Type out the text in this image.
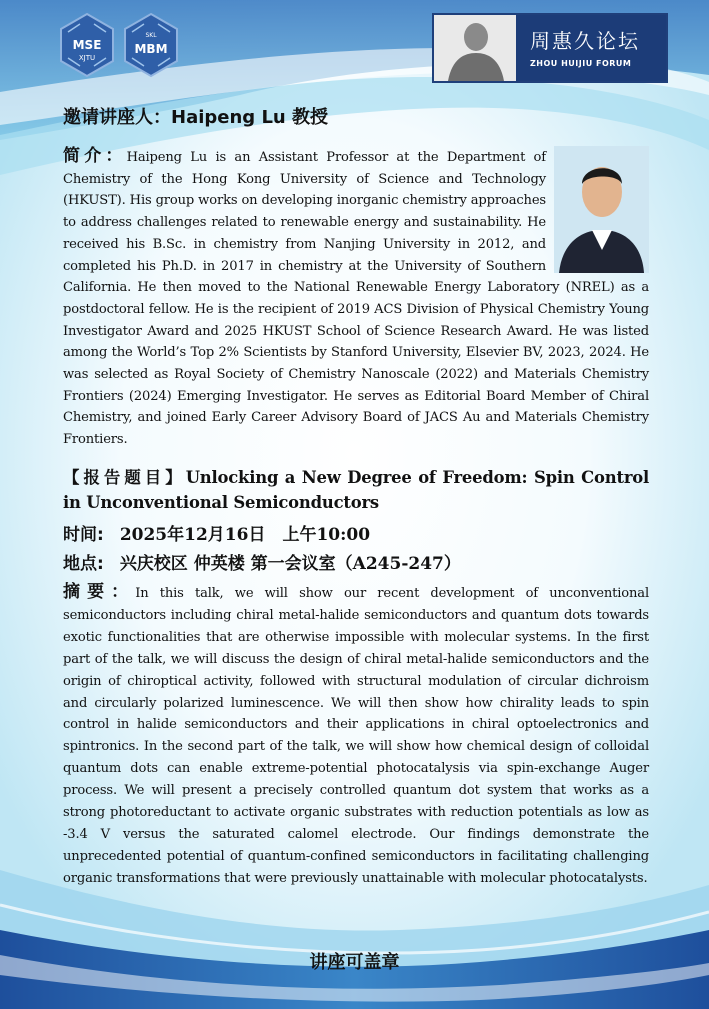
MSE
XJTU
SKL
MBM	周惠久论坛
ZHOU HUIJIU FORUM
邀请讲座人：Haipeng Lu 教授
简介：Haipeng Lu is an Assistant Professor at the Department of Chemistry of the Hong Kong University of Science and Technology (HKUST). His group works on developing inorganic chemistry approaches to address challenges related to renewable energy and sustainability. He received his B.Sc. in chemistry from Nanjing University in 2012, and completed his Ph.D. in 2017 in chemistry at the University of Southern California. He then moved to the National Renewable Energy Laboratory (NREL) as a postdoctoral fellow. He is the recipient of 2019 ACS Division of Physical Chemistry Young Investigator Award and 2025 HKUST School of Science Research Award. He was listed among the World’s Top 2% Scientists by Stanford University, Elsevier BV, 2023, 2024. He was selected as Royal Society of Chemistry Nanoscale (2022) and Materials Chemistry Frontiers (2024) Emerging Investigator. He serves as Editorial Board Member of Chiral Chemistry, and joined Early Career Advisory Board of JACS Au and Materials Chemistry Frontiers.
【报告题目】Unlocking a New Degree of Freedom: Spin Control in Unconventional Semiconductors
时间: 2025年12月16日　上午10:00
地点: 兴庆校区 仲英楼 第一会议室（A245-247）
摘要：In this talk, we will show our recent development of unconventional semiconductors including chiral metal-halide semiconductors and quantum dots towards exotic functionalities that are otherwise impossible with molecular systems. In the first part of the talk, we will discuss the design of chiral metal-halide semiconductors and the origin of chiroptical activity, followed with structural modulation of circular dichroism and circularly polarized luminescence. We will then show how chirality leads to spin control in halide semiconductors and their applications in chiral optoelectronics and spintronics. In the second part of the talk, we will show how chemical design of colloidal quantum dots can enable extreme-potential photocatalysis via spin-exchange Auger process. We will present a precisely controlled quantum dot system that works as a strong photoreductant to activate organic substrates with reduction potentials as low as -3.4 V versus the saturated calomel electrode. Our findings demonstrate the unprecedented potential of quantum-confined semiconductors in facilitating challenging organic transformations that were previously unattainable with molecular photocatalysts.
讲座可盖章
